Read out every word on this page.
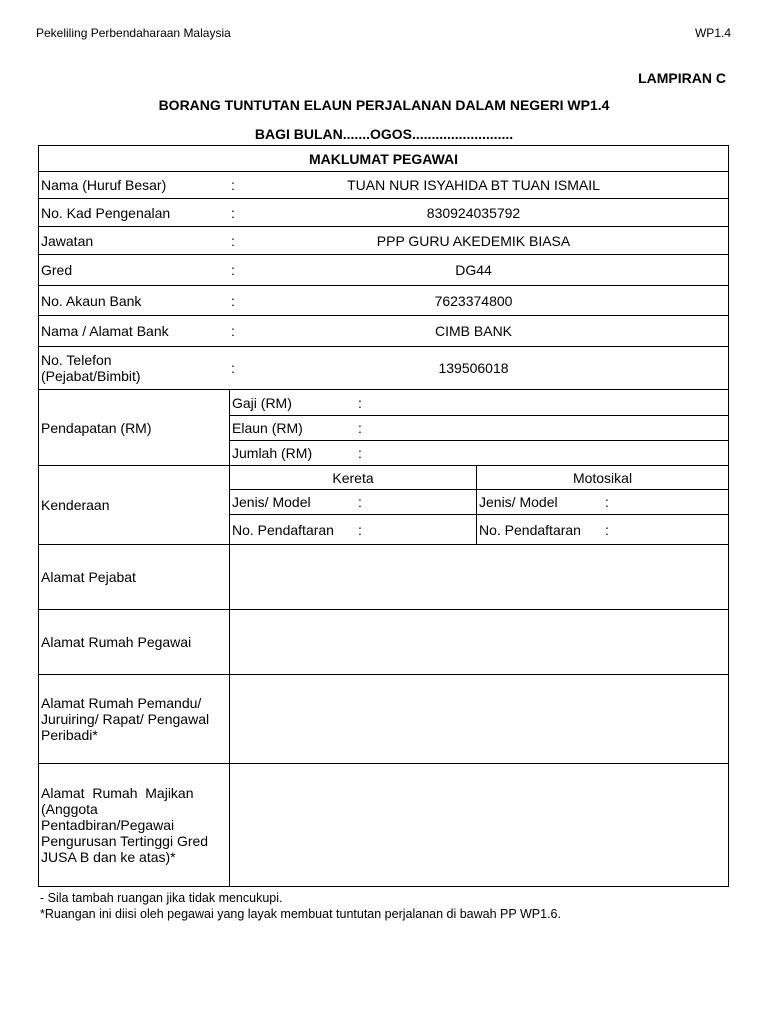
Pekeliling Perbendaharaan Malaysia	WP1.4
LAMPIRAN C
BORANG TUNTUTAN ELAUN PERJALANAN DALAM NEGERI WP1.4
BAGI BULAN.......OGOS..........................
MAKLUMAT PEGAWAI		

Nama (Huruf Besar) : TUAN NUR ISYAHIDA BT TUAN ISMAIL		

No. Kad Pengenalan : 830924035792		

Jawatan : PPP GURU AKEDEMIK BIASA		

Gred : DG44		

No. Akaun Bank : 7623374800		

Nama / Alamat Bank : CIMB BANK		

No. Telefon
(Pejabat/Bimbit) : 139506018		

Pendapatan (RM)	Gaji (RM) :	
	Elaun (RM) :	
	Jumlah (RM) :	
Kenderaan	Kereta	Motosikal
	Jenis/ Model :	Jenis/ Model :
	No. Pendaftaran :	No. Pendaftaran :
Alamat Pejabat		
Alamat Rumah Pegawai		

Alamat Rumah Pemandu/
Juruiring/ Rapat/ Pengawal
Peribadi*		

Alamat  Rumah  Majikan
(Anggota
Pentadbiran/Pegawai
Pengurusan Tertinggi Gred
JUSA B dan ke atas)*		

- Sila tambah ruangan jika tidak mencukupi.
*Ruangan ini diisi oleh pegawai yang layak membuat tuntutan perjalanan di bawah PP WP1.6.
